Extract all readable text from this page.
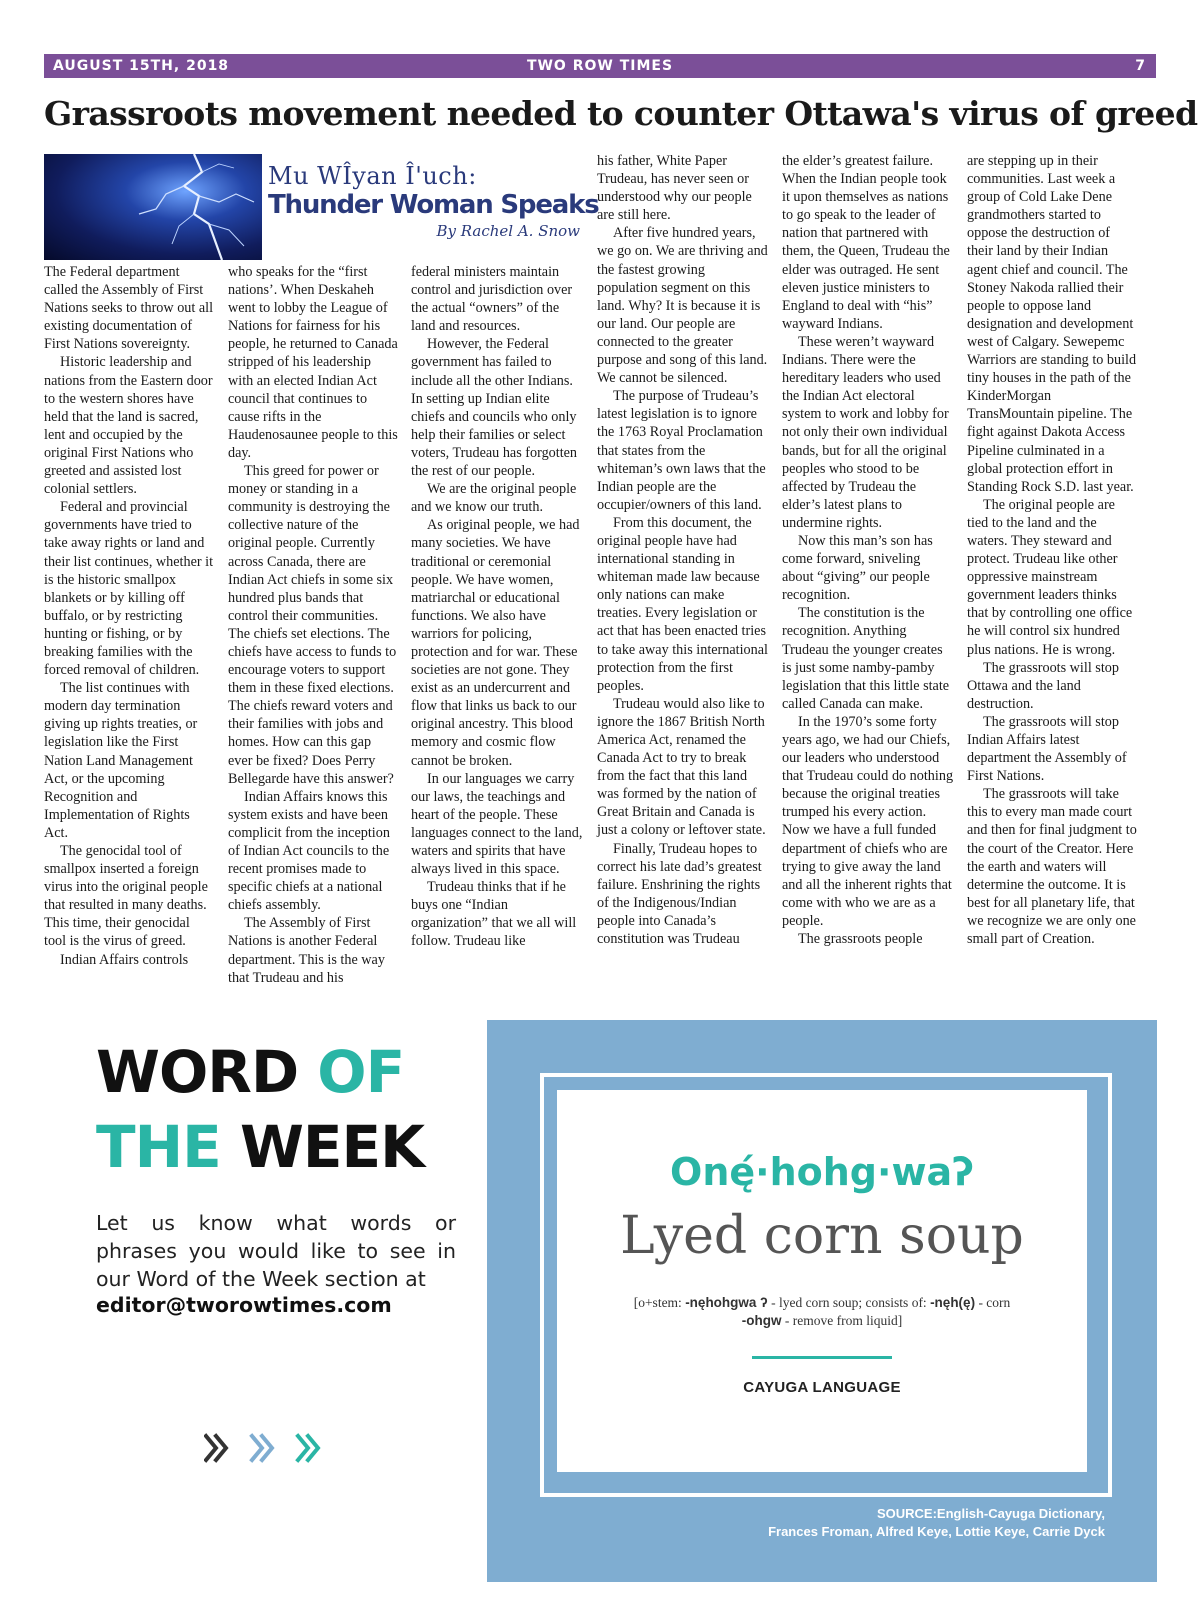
AUGUST 15TH, 2018	TWO ROW TIMES	7
Grassroots movement needed to counter Ottawa's virus of greed
Mu WÎyan Î'uch:
Thunder Woman Speaks
By Rachel A. Snow

The Federal department called the Assembly of First Nations seeks to throw out all existing documentation of First Nations sovereignty.

Historic leadership and nations from the Eastern door to the western shores have held that the land is sacred, lent and occupied by the original First Nations who greeted and assisted lost colonial settlers.

Federal and provincial governments have tried to take away rights or land and their list continues, whether it is the historic smallpox blankets or by killing off buffalo, or by restricting hunting or fishing, or by breaking families with the forced removal of children.

The list continues with modern day termination giving up rights treaties, or legislation like the First Nation Land Management Act, or the upcoming Recognition and Implementation of Rights Act.

The genocidal tool of smallpox inserted a foreign virus into the original people that resulted in many deaths. This time, their genocidal tool is the virus of greed.

Indian Affairs controls

who speaks for the “first nations’. When Deskaheh went to lobby the League of Nations for fairness for his people, he returned to Canada stripped of his leadership with an elected Indian Act council that continues to cause rifts in the Haudenosaunee people to this day.

This greed for power or money or standing in a community is destroying the collective nature of the original people. Currently across Canada, there are Indian Act chiefs in some six hundred plus bands that control their communities. The chiefs set elections. The chiefs have access to funds to encourage voters to support them in these fixed elections. The chiefs reward voters and their families with jobs and homes. How can this gap ever be fixed? Does Perry Bellegarde have this answer?

Indian Affairs knows this system exists and have been complicit from the inception of Indian Act councils to the recent promises made to specific chiefs at a national chiefs assembly.

The Assembly of First Nations is another Federal department. This is the way that Trudeau and his

federal ministers maintain control and jurisdiction over the actual “owners” of the land and resources.

However, the Federal government has failed to include all the other Indians. In setting up Indian elite chiefs and councils who only help their families or select voters, Trudeau has forgotten the rest of our people.

We are the original people and we know our truth.

As original people, we had many societies. We have traditional or ceremonial people. We have women, matriarchal or educational functions. We also have warriors for policing, protection and for war. These societies are not gone. They exist as an undercurrent and flow that links us back to our original ancestry. This blood memory and cosmic flow cannot be broken.

In our languages we carry our laws, the teachings and heart of the people. These languages connect to the land, waters and spirits that have always lived in this space.

Trudeau thinks that if he buys one “Indian organization” that we all will follow. Trudeau like

his father, White Paper Trudeau, has never seen or understood why our people are still here.

After five hundred years, we go on. We are thriving and the fastest growing population segment on this land. Why? It is because it is our land. Our people are connected to the greater purpose and song of this land. We cannot be silenced.

The purpose of Trudeau’s latest legislation is to ignore the 1763 Royal Proclamation that states from the whiteman’s own laws that the Indian people are the occupier/owners of this land.

From this document, the original people have had international standing in whiteman made law because only nations can make treaties. Every legislation or act that has been enacted tries to take away this international protection from the first peoples.

Trudeau would also like to ignore the 1867 British North America Act, renamed the Canada Act to try to break from the fact that this land was formed by the nation of Great Britain and Canada is just a colony or leftover state.

Finally, Trudeau hopes to correct his late dad’s greatest failure. Enshrining the rights of the Indigenous/Indian people into Canada’s constitution was Trudeau

the elder’s greatest failure. When the Indian people took it upon themselves as nations to go speak to the leader of nation that partnered with them, the Queen, Trudeau the elder was outraged. He sent eleven justice ministers to England to deal with “his” wayward Indians.

These weren’t wayward Indians. There were the hereditary leaders who used the Indian Act electoral system to work and lobby for not only their own individual bands, but for all the original peoples who stood to be affected by Trudeau the elder’s latest plans to undermine rights.

Now this man’s son has come forward, sniveling about “giving” our people recognition.

The constitution is the recognition. Anything Trudeau the younger creates is just some namby-pamby legislation that this little state called Canada can make.

In the 1970’s some forty years ago, we had our Chiefs, our leaders who understood that Trudeau could do nothing because the original treaties trumped his every action. Now we have a full funded department of chiefs who are trying to give away the land and all the inherent rights that come with who we are as a people.

The grassroots people

are stepping up in their communities. Last week a group of Cold Lake Dene grandmothers started to oppose the destruction of their land by their Indian agent chief and council. The Stoney Nakoda rallied their people to oppose land designation and development west of Calgary. Sewepemc Warriors are standing to build tiny houses in the path of the KinderMorgan TransMountain pipeline. The fight against Dakota Access Pipeline culminated in a global protection effort in Standing Rock S.D. last year.

The original people are tied to the land and the waters. They steward and protect. Trudeau like other oppressive mainstream government leaders thinks that by controlling one office he will control six hundred plus nations. He is wrong.

The grassroots will stop Ottawa and the land destruction.

The grassroots will stop Indian Affairs latest department the Assembly of First Nations.

The grassroots will take this to every man made court and then for final judgment to the court of the Creator. Here the earth and waters will determine the outcome. It is best for all planetary life, that we recognize we are only one small part of Creation.

WORD OF
THE WEEK
Let us know what words or phrases you would like to see in our Word of the Week section at
editor@tworowtimes.com
Onę́·hohg·waʔ
Lyed corn soup
[o+stem: -nęhohgwa ʔ - lyed corn soup; consists of: -nęh(ę) - corn
-ohgw - remove from liquid]
CAYUGA LANGUAGE
SOURCE:English-Cayuga Dictionary,
Frances Froman, Alfred Keye, Lottie Keye, Carrie Dyck
